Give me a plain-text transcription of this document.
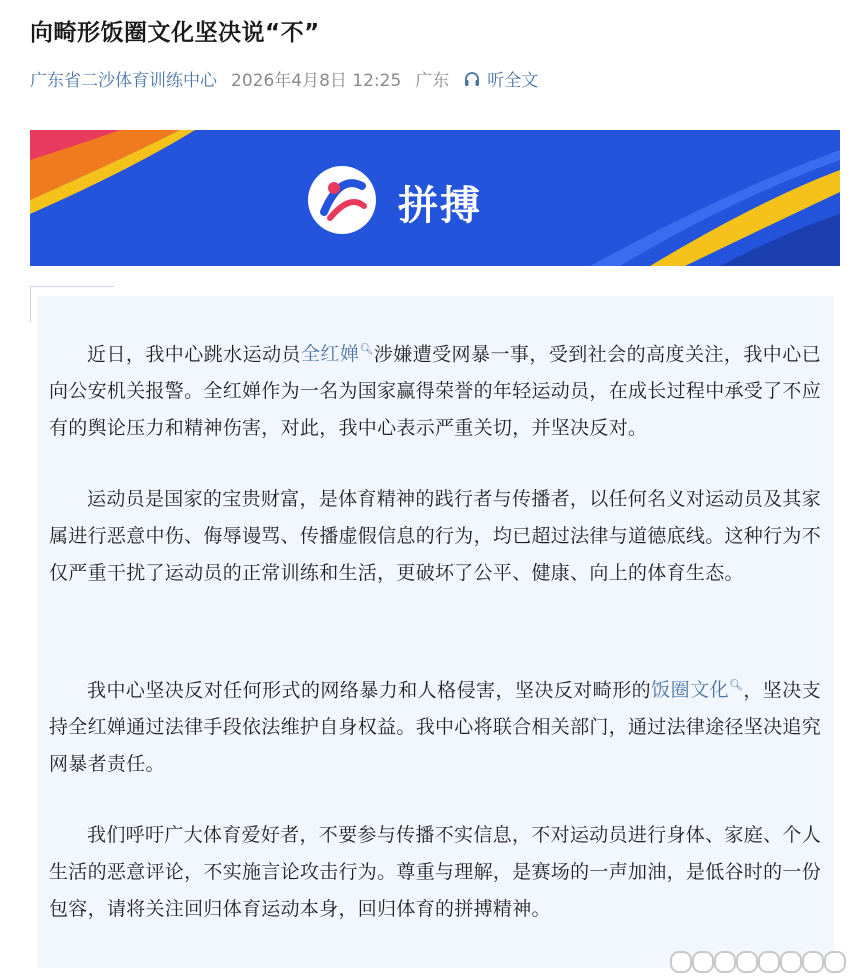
向畸形饭圈文化坚决说“不”
广东省二沙体育训练中心 2026年4月8日 12:25 广东 听全文
拼搏

近日，我中心跳水运动员全红婵🔍︎涉嫌遭受网暴一事，受到社会的高度关注，我中心已向公安机关报警。全红婵作为一名为国家赢得荣誉的年轻运动员，在成长过程中承受了不应有的舆论压力和精神伤害，对此，我中心表示严重关切，并坚决反对。

运动员是国家的宝贵财富，是体育精神的践行者与传播者，以任何名义对运动员及其家属进行恶意中伤、侮辱谩骂、传播虚假信息的行为，均已超过法律与道德底线。这种行为不仅严重干扰了运动员的正常训练和生活，更破坏了公平、健康、向上的体育生态。

我中心坚决反对任何形式的网络暴力和人格侵害，坚决反对畸形的饭圈文化🔍︎，坚决支持全红婵通过法律手段依法维护自身权益。我中心将联合相关部门，通过法律途径坚决追究网暴者责任。

我们呼吁广大体育爱好者，不要参与传播不实信息，不对运动员进行身体、家庭、个人生活的恶意评论，不实施言论攻击行为。尊重与理解，是赛场的一声加油，是低谷时的一份包容，请将关注回归体育运动本身，回归体育的拼搏精神。
